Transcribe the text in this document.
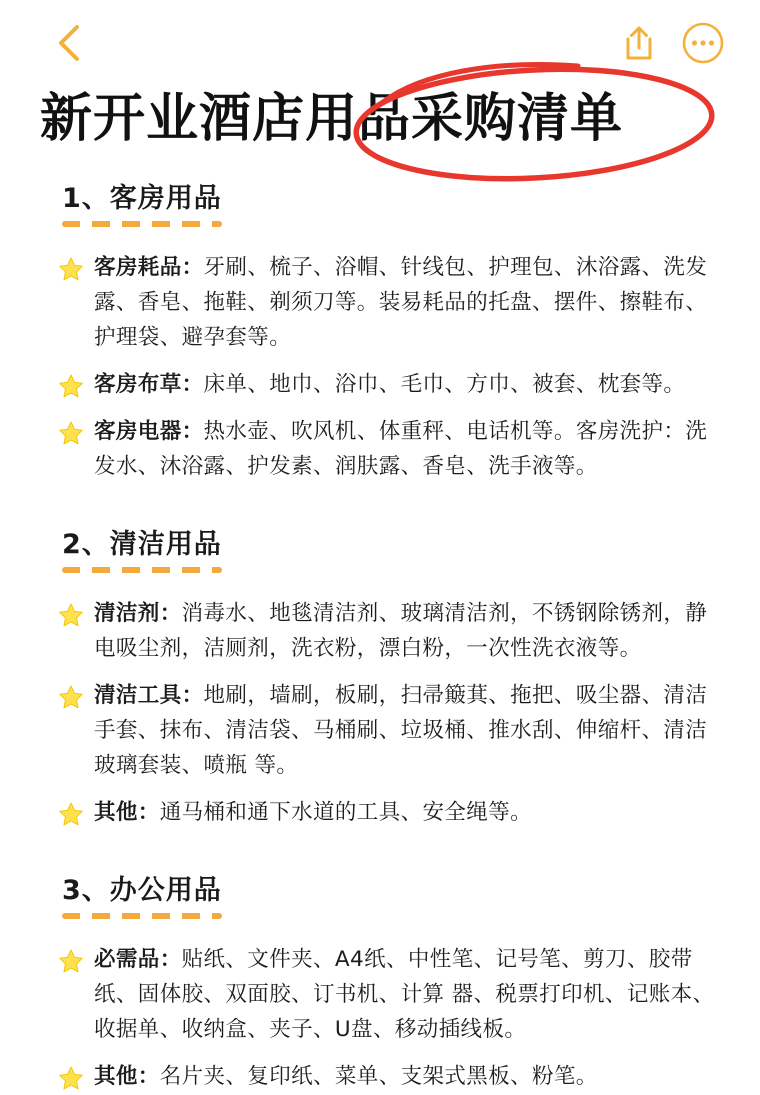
新开业酒店用品采购清单
1、客房用品
客房耗品：牙刷、梳子、浴帽、针线包、护理包、沐浴露、洗发露、香皂、拖鞋、剃须刀等。装易耗品的托盘、摆件、擦鞋布、护理袋、避孕套等。
客房布草：床单、地巾、浴巾、毛巾、方巾、被套、枕套等。
客房电器：热水壶、吹风机、体重秤、电话机等。客房洗护：洗发水、沐浴露、护发素、润肤露、香皂、洗手液等。
2、清洁用品
清洁剂：消毒水、地毯清洁剂、玻璃清洁剂，不锈钢除锈剂，静电吸尘剂，洁厕剂，洗衣粉，漂白粉，一次性洗衣液等。
清洁工具：地刷，墙刷，板刷，扫帚簸萁、拖把、吸尘器、清洁手套、抹布、清洁袋、马桶刷、垃圾桶、推水刮、伸缩杆、清洁玻璃套装、喷瓶 等。
其他：通马桶和通下水道的工具、安全绳等。
3、办公用品
必需品：贴纸、文件夹、A4纸、中性笔、记号笔、剪刀、胶带纸、固体胶、双面胶、订书机、计算 器、税票打印机、记账本、收据单、收纳盒、夹子、U盘、移动插线板。
其他：名片夹、复印纸、菜单、支架式黑板、粉笔。
